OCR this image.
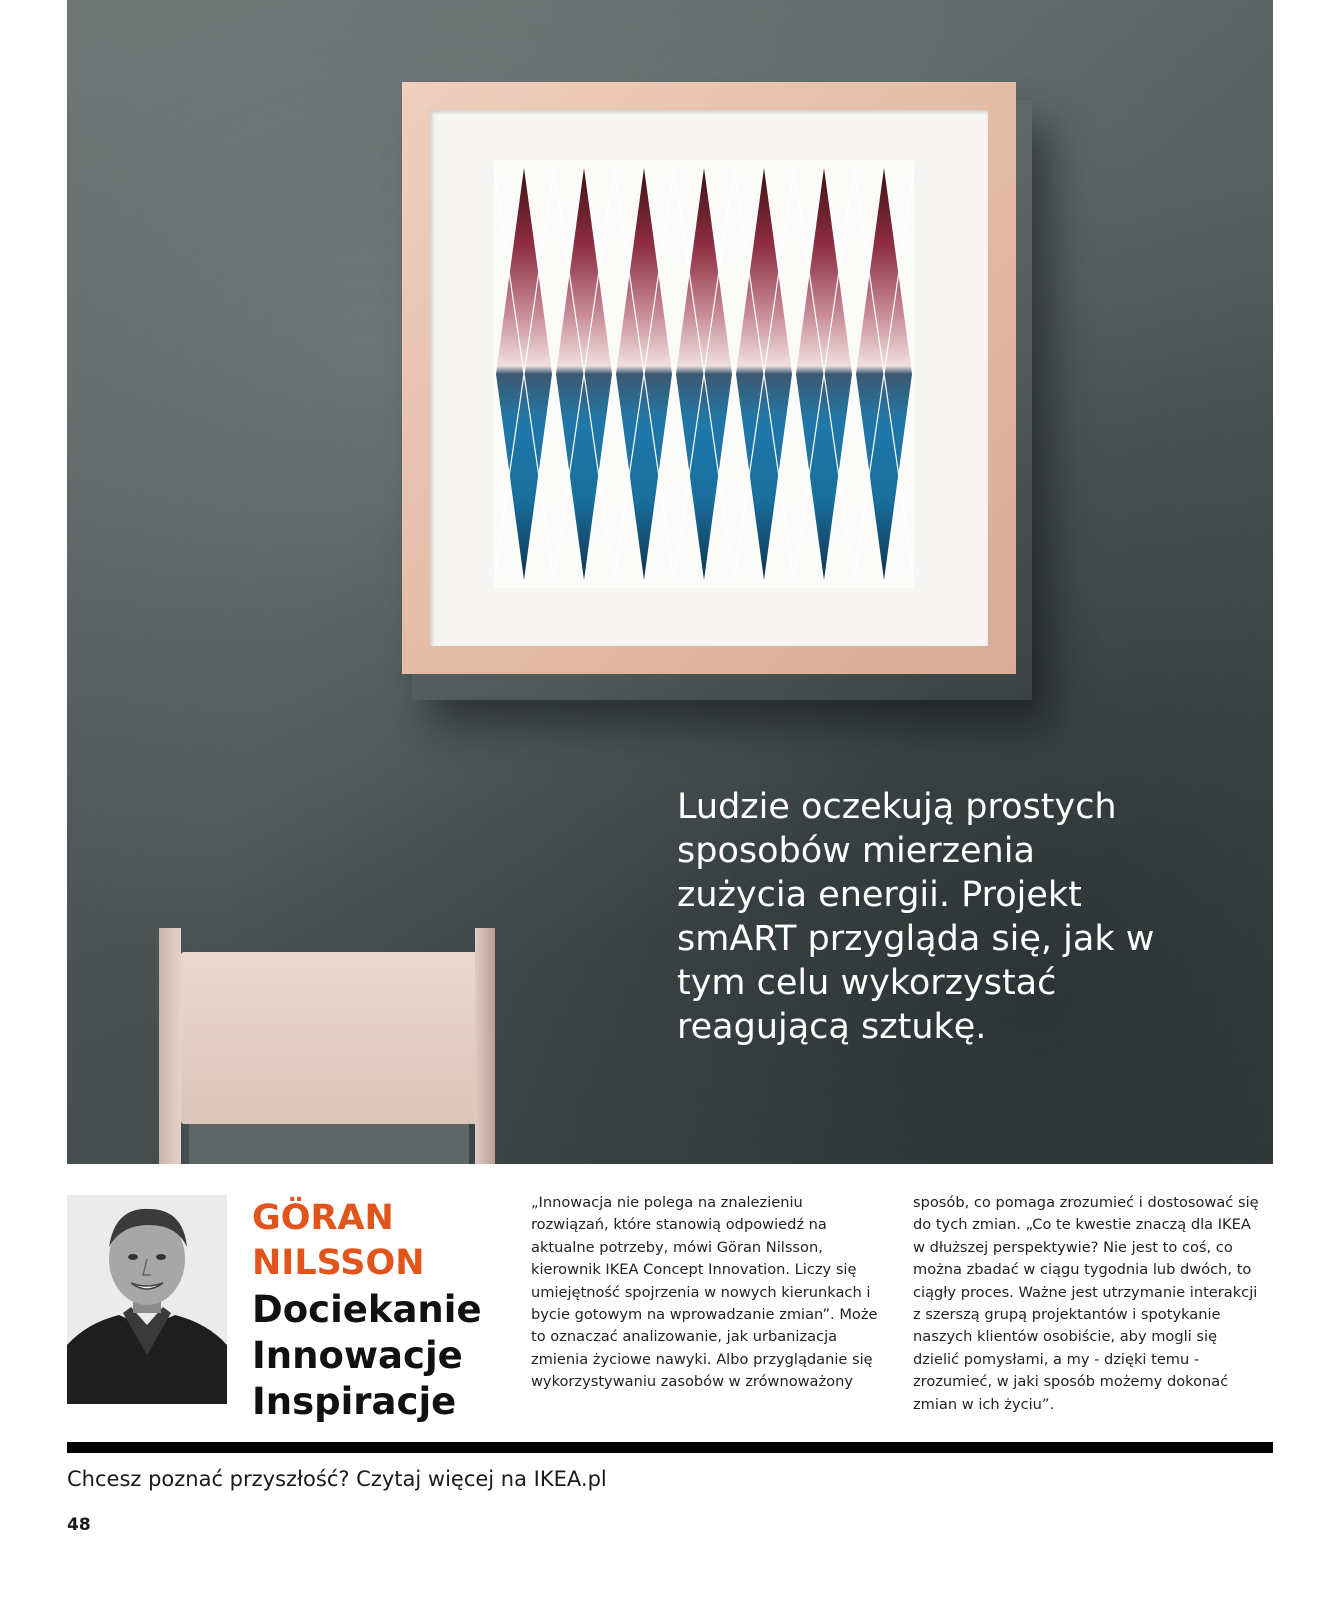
Ludzie oczekują prostych sposobów mierzenia zużycia energii. Projekt smART przygląda się, jak w tym celu wykorzystać reagującą sztukę.

GÖRAN
NILSSON
Dociekanie
Innowacje
Inspiracje

„Innowacja nie polega na znalezieniu rozwiązań, które stanowią odpowiedź na aktualne potrzeby, mówi Göran Nilsson, kierownik IKEA Concept Innovation. Liczy się umiejętność spojrzenia w nowych kierunkach i bycie gotowym na wprowadzanie zmian”. Może to oznaczać analizowanie, jak urbanizacja zmienia życiowe nawyki. Albo przyglądanie się wykorzystywaniu zasobów w zrównoważony

sposób, co pomaga zrozumieć i dostosować się do tych zmian. „Co te kwestie znaczą dla IKEA w dłuższej perspektywie? Nie jest to coś, co można zbadać w ciągu tygodnia lub dwóch, to ciągły proces. Ważne jest utrzymanie interakcji z szerszą grupą projektantów i spotykanie naszych klientów osobiście, aby mogli się dzielić pomysłami, a my - dzięki temu - zrozumieć, w jaki sposób możemy dokonać zmian w ich życiu”.

Chcesz poznać przyszłość? Czytaj więcej na IKEA.pl

48
